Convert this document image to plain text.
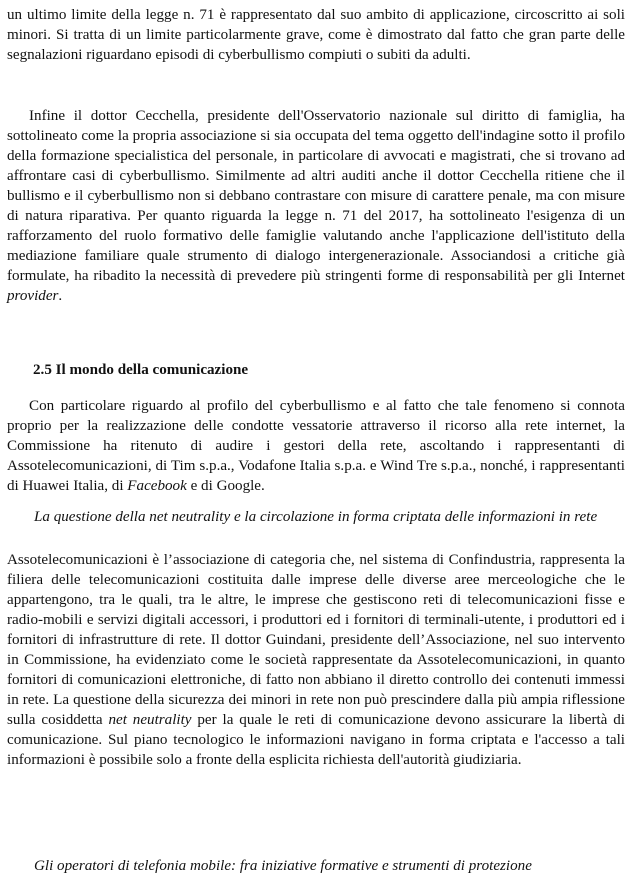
un ultimo limite della legge n. 71 è rappresentato dal suo ambito di applicazione, circoscritto ai soli minori. Si tratta di un limite particolarmente grave, come è dimostrato dal fatto che gran parte delle segnalazioni riguardano episodi di cyberbullismo compiuti o subiti da adulti.

Infine il dottor Cecchella, presidente dell'Osservatorio nazionale sul diritto di famiglia, ha sottolineato come la propria associazione si sia occupata del tema oggetto dell'indagine sotto il profilo della formazione specialistica del personale, in particolare di avvocati e magistrati, che si trovano ad affrontare casi di cyberbullismo. Similmente ad altri auditi anche il dottor Cecchella ritiene che il bullismo e il cyberbullismo non si debbano contrastare con misure di carattere penale, ma con misure di natura riparativa. Per quanto riguarda la legge n. 71 del 2017, ha sottolineato l'esigenza di un rafforzamento del ruolo formativo delle famiglie valutando anche l'applicazione dell'istituto della mediazione familiare quale strumento di dialogo intergenerazionale. Associandosi a critiche già formulate, ha ribadito la necessità di prevedere più stringenti forme di responsabilità per gli Internet provider.

2.5 Il mondo della comunicazione

Con particolare riguardo al profilo del cyberbullismo e al fatto che tale fenomeno si connota proprio per la realizzazione delle condotte vessatorie attraverso il ricorso alla rete internet, la Commissione ha ritenuto di audire i gestori della rete, ascoltando i rappresentanti di Assotelecomunicazioni, di Tim s.p.a., Vodafone Italia s.p.a. e Wind Tre s.p.a., nonché, i rappresentanti di Huawei Italia, di Facebook e di Google.

La questione della net neutrality e la circolazione in forma criptata delle informazioni in rete

Assotelecomunicazioni è l’associazione di categoria che, nel sistema di Confindustria, rappresenta la filiera delle telecomunicazioni costituita dalle imprese delle diverse aree merceologiche che le appartengono, tra le quali, tra le altre, le imprese che gestiscono reti di telecomunicazioni fisse e radio-mobili e servizi digitali accessori, i produttori ed i fornitori di terminali-utente, i produttori ed i fornitori di infrastrutture di rete. Il dottor Guindani, presidente dell’Associazione, nel suo intervento in Commissione, ha evidenziato come le società rappresentate da Assotelecomunicazioni, in quanto fornitori di comunicazioni elettroniche, di fatto non abbiano il diretto controllo dei contenuti immessi in rete. La questione della sicurezza dei minori in rete non può prescindere dalla più ampia riflessione sulla cosiddetta net neutrality per la quale le reti di comunicazione devono assicurare la libertà di comunicazione. Sul piano tecnologico le informazioni navigano in forma criptata e l'accesso a tali informazioni è possibile solo a fronte della esplicita richiesta dell'autorità giudiziaria.

Gli operatori di telefonia mobile: fra iniziative formative e strumenti di protezione
